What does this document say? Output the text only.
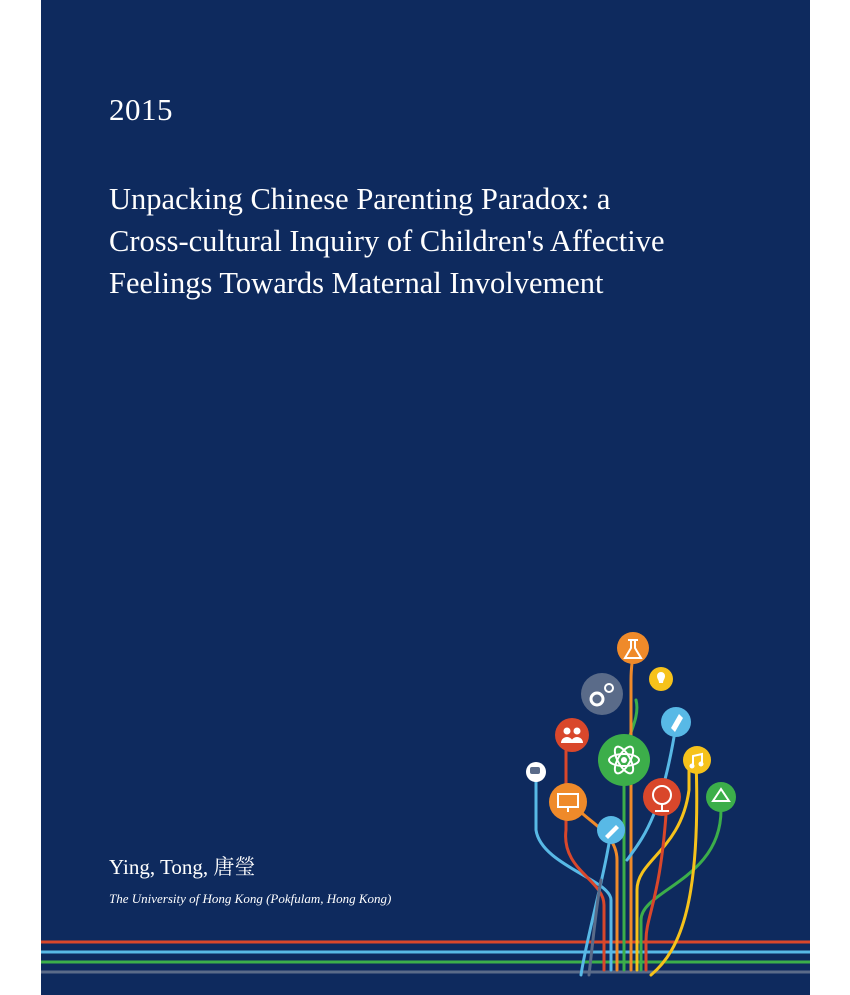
2015
Unpacking Chinese Parenting Paradox: a
Cross-cultural Inquiry of Children's Affective
Feelings Towards Maternal Involvement
Ying, Tong, 唐瑩
The University of Hong Kong (Pokfulam, Hong Kong)
